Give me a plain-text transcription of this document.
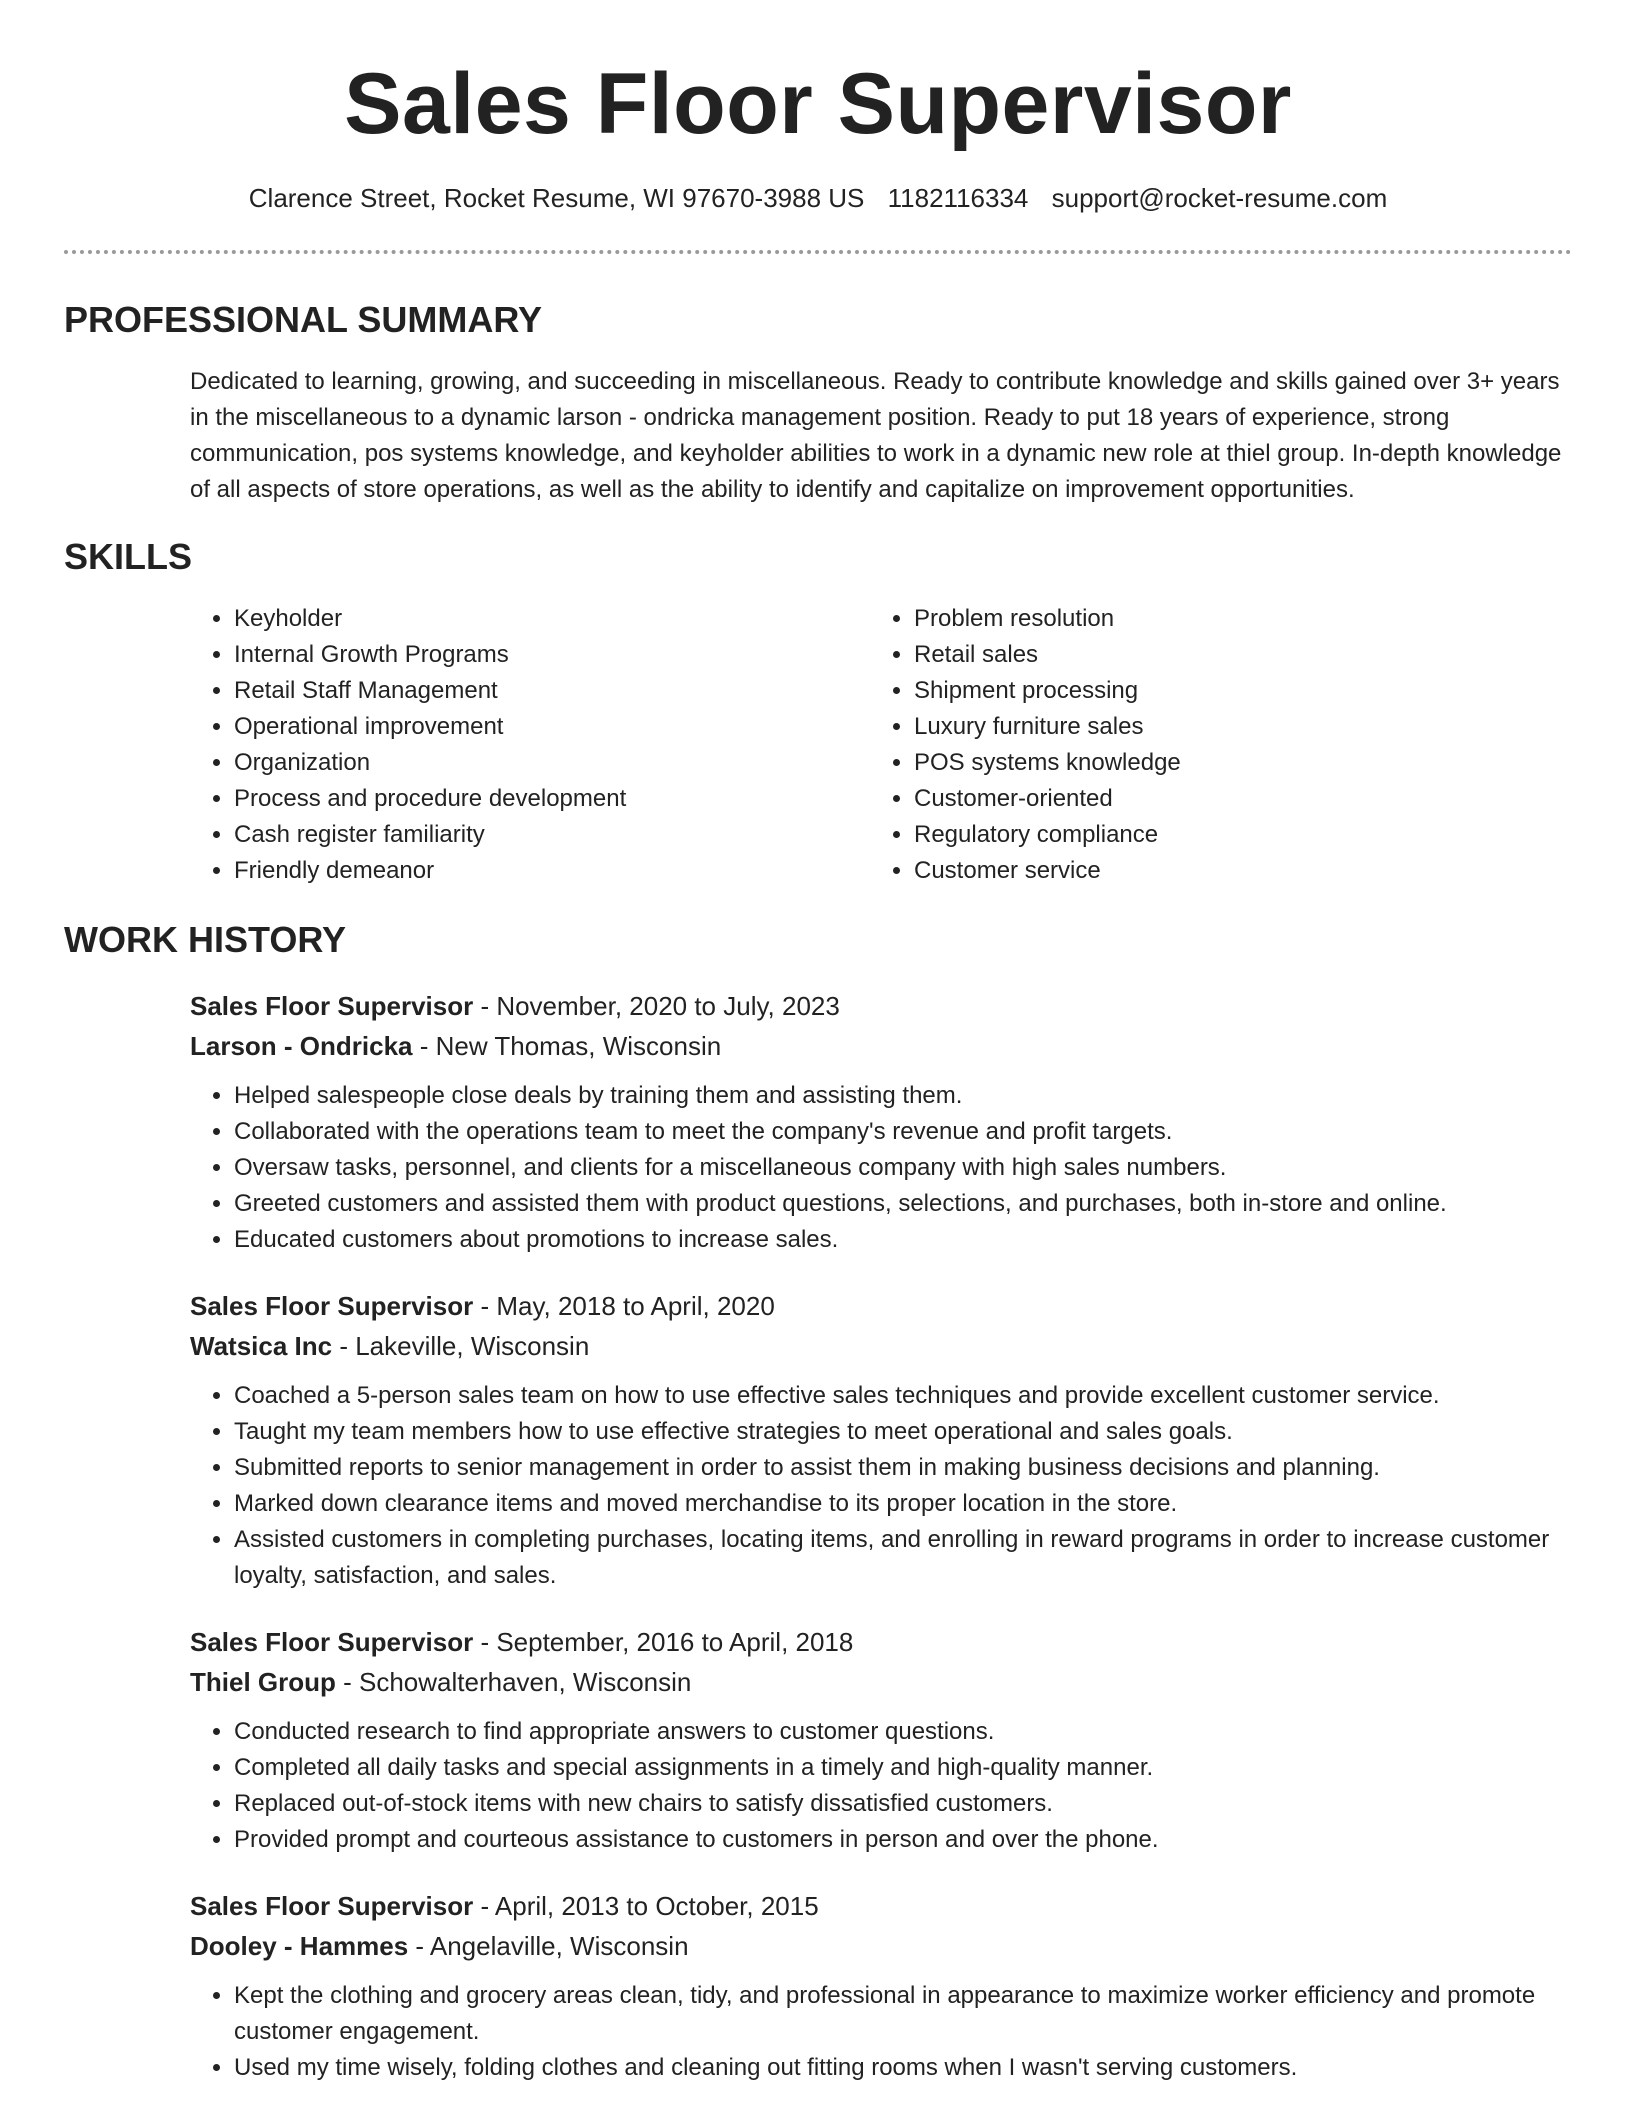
Sales Floor Supervisor
Clarence Street, Rocket Resume, WI 97670-3988 US 1182116334 support@rocket-resume.com
PROFESSIONAL SUMMARY

Dedicated to learning, growing, and succeeding in miscellaneous. Ready to contribute knowledge and skills gained over 3+ years in the miscellaneous to a dynamic larson - ondricka management position. Ready to put 18 years of experience, strong communication, pos systems knowledge, and keyholder abilities to work in a dynamic new role at thiel group. In-depth knowledge of all aspects of store operations, as well as the ability to identify and capitalize on improvement opportunities.

SKILLS
• Keyholder
• Internal Growth Programs
• Retail Staff Management
• Operational improvement
• Organization
• Process and procedure development
• Cash register familiarity
• Friendly demeanor
• Problem resolution
• Retail sales
• Shipment processing
• Luxury furniture sales
• POS systems knowledge
• Customer-oriented
• Regulatory compliance
• Customer service
WORK HISTORY
Sales Floor Supervisor - November, 2020 to July, 2023
Larson - Ondricka - New Thomas, Wisconsin
• Helped salespeople close deals by training them and assisting them.
• Collaborated with the operations team to meet the company's revenue and profit targets.
• Oversaw tasks, personnel, and clients for a miscellaneous company with high sales numbers.
• Greeted customers and assisted them with product questions, selections, and purchases, both in-store and online.
• Educated customers about promotions to increase sales.
Sales Floor Supervisor - May, 2018 to April, 2020
Watsica Inc - Lakeville, Wisconsin
• Coached a 5-person sales team on how to use effective sales techniques and provide excellent customer service.
• Taught my team members how to use effective strategies to meet operational and sales goals.
• Submitted reports to senior management in order to assist them in making business decisions and planning.
• Marked down clearance items and moved merchandise to its proper location in the store.
• Assisted customers in completing purchases, locating items, and enrolling in reward programs in order to increase customer loyalty, satisfaction, and sales.
Sales Floor Supervisor - September, 2016 to April, 2018
Thiel Group - Schowalterhaven, Wisconsin
• Conducted research to find appropriate answers to customer questions.
• Completed all daily tasks and special assignments in a timely and high-quality manner.
• Replaced out-of-stock items with new chairs to satisfy dissatisfied customers.
• Provided prompt and courteous assistance to customers in person and over the phone.
Sales Floor Supervisor - April, 2013 to October, 2015
Dooley - Hammes - Angelaville, Wisconsin
• Kept the clothing and grocery areas clean, tidy, and professional in appearance to maximize worker efficiency and promote customer engagement.
• Used my time wisely, folding clothes and cleaning out fitting rooms when I wasn't serving customers.
